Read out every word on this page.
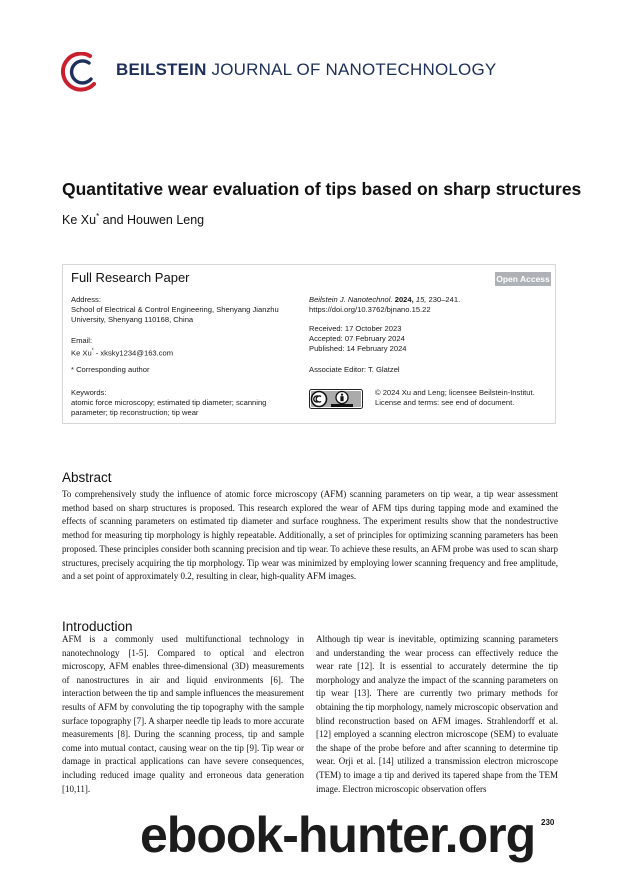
BEILSTEIN JOURNAL OF NANOTECHNOLOGY
Quantitative wear evaluation of tips based on sharp structures
Ke Xu* and Houwen Leng
Full Research Paper	Open Access
Address:
School of Electrical & Control Engineering, Shenyang Jianzhu University, Shenyang 110168, China
Email:
Ke Xu* - xksky1234@163.com
* Corresponding author
Keywords:
atomic force microscopy; estimated tip diameter; scanning parameter; tip reconstruction; tip wear
Beilstein J. Nanotechnol. 2024, 15, 230–241.
https://doi.org/10.3762/bjnano.15.22
Received: 17 October 2023
Accepted: 07 February 2024
Published: 14 February 2024
Associate Editor: T. Glatzel
© 2024 Xu and Leng; licensee Beilstein-Institut.
License and terms: see end of document.
Abstract
To comprehensively study the influence of atomic force microscopy (AFM) scanning parameters on tip wear, a tip wear assessment method based on sharp structures is proposed. This research explored the wear of AFM tips during tapping mode and examined the effects of scanning parameters on estimated tip diameter and surface roughness. The experiment results show that the nondestructive method for measuring tip morphology is highly repeatable. Additionally, a set of principles for optimizing scanning parameters has been proposed. These principles consider both scanning precision and tip wear. To achieve these results, an AFM probe was used to scan sharp structures, precisely acquiring the tip morphology. Tip wear was minimized by employing lower scanning frequency and free amplitude, and a set point of approximately 0.2, resulting in clear, high-quality AFM images.
Introduction
AFM is a commonly used multifunctional technology in nanotechnology [1-5]. Compared to optical and electron microscopy, AFM enables three-dimensional (3D) measurements of nanostructures in air and liquid environments [6]. The interaction between the tip and sample influences the measurement results of AFM by convoluting the tip topography with the sample surface topography [7]. A sharper needle tip leads to more accurate measurements [8]. During the scanning process, tip and sample come into mutual contact, causing wear on the tip [9]. Tip wear or damage in practical applications can have severe consequences, including reduced image quality and erroneous data generation [10,11].
Although tip wear is inevitable, optimizing scanning parameters and understanding the wear process can effectively reduce the wear rate [12]. It is essential to accurately determine the tip morphology and analyze the impact of the scanning parameters on tip wear [13]. There are currently two primary methods for obtaining the tip morphology, namely microscopic observation and blind reconstruction based on AFM images. Strahlendorff et al. [12] employed a scanning electron microscope (SEM) to evaluate the shape of the probe before and after scanning to determine tip wear. Orji et al. [14] utilized a transmission electron microscope (TEM) to image a tip and derived its tapered shape from the TEM image. Electron microscopic observation offers
230
ebook-hunter.org
